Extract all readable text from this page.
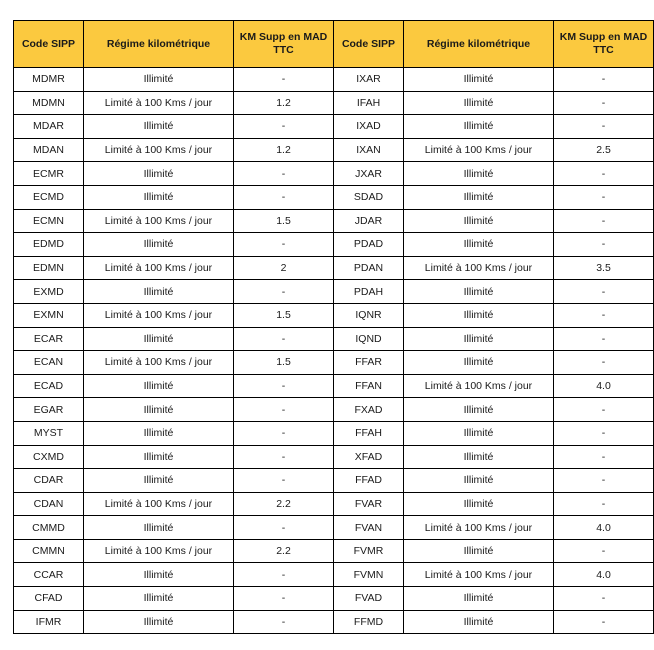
Code SIPP	Régime kilométrique	KM Supp en MAD TTC	Code SIPP	Régime kilométrique	KM Supp en MAD TTC
MDMR	Illimité	-	IXAR	Illimité	-
MDMN	Limité à 100 Kms / jour	1.2	IFAH	Illimité	-
MDAR	Illimité	-	IXAD	Illimité	-
MDAN	Limité à 100 Kms / jour	1.2	IXAN	Limité à 100 Kms / jour	2.5
ECMR	Illimité	-	JXAR	Illimité	-
ECMD	Illimité	-	SDAD	Illimité	-
ECMN	Limité à 100 Kms / jour	1.5	JDAR	Illimité	-
EDMD	Illimité	-	PDAD	Illimité	-
EDMN	Limité à 100 Kms / jour	2	PDAN	Limité à 100 Kms / jour	3.5
EXMD	Illimité	-	PDAH	Illimité	-
EXMN	Limité à 100 Kms / jour	1.5	IQNR	Illimité	-
ECAR	Illimité	-	IQND	Illimité	-
ECAN	Limité à 100 Kms / jour	1.5	FFAR	Illimité	-
ECAD	Illimité	-	FFAN	Limité à 100 Kms / jour	4.0
EGAR	Illimité	-	FXAD	Illimité	-
MYST	Illimité	-	FFAH	Illimité	-
CXMD	Illimité	-	XFAD	Illimité	-
CDAR	Illimité	-	FFAD	Illimité	-
CDAN	Limité à 100 Kms / jour	2.2	FVAR	Illimité	-
CMMD	Illimité	-	FVAN	Limité à 100 Kms / jour	4.0
CMMN	Limité à 100 Kms / jour	2.2	FVMR	Illimité	-
CCAR	Illimité	-	FVMN	Limité à 100 Kms / jour	4.0
CFAD	Illimité	-	FVAD	Illimité	-
IFMR	Illimité	-	FFMD	Illimité	-
